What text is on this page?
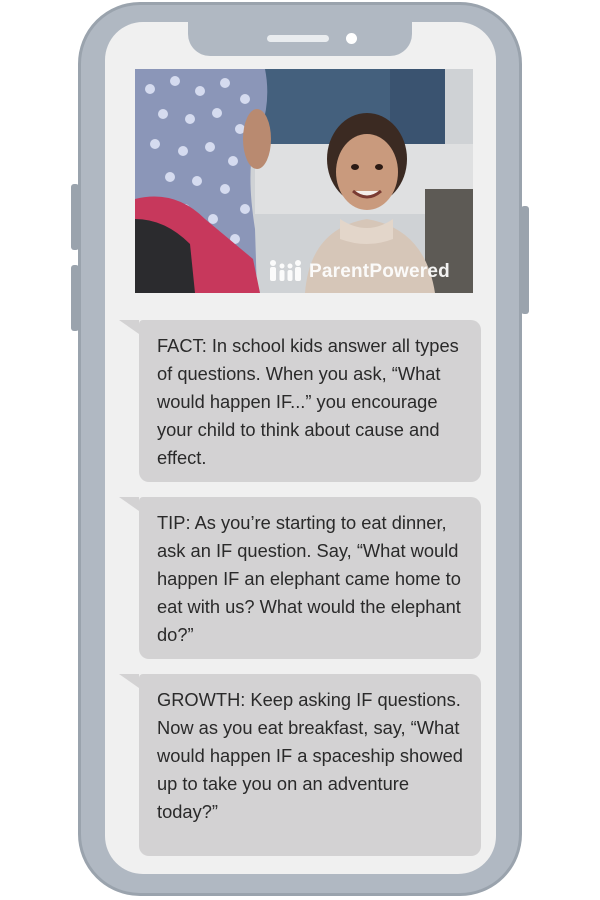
ParentPowered
FACT: In school kids answer all types of questions. When you ask, “What would happen IF...” you encourage your child to think about cause and effect.
TIP: As you’re starting to eat dinner, ask an IF question. Say, “What would happen IF an elephant came home to eat with us? What would the elephant do?”
GROWTH: Keep asking IF questions. Now as you eat breakfast, say, “What would happen IF a spaceship showed up to take you on an adventure today?”
